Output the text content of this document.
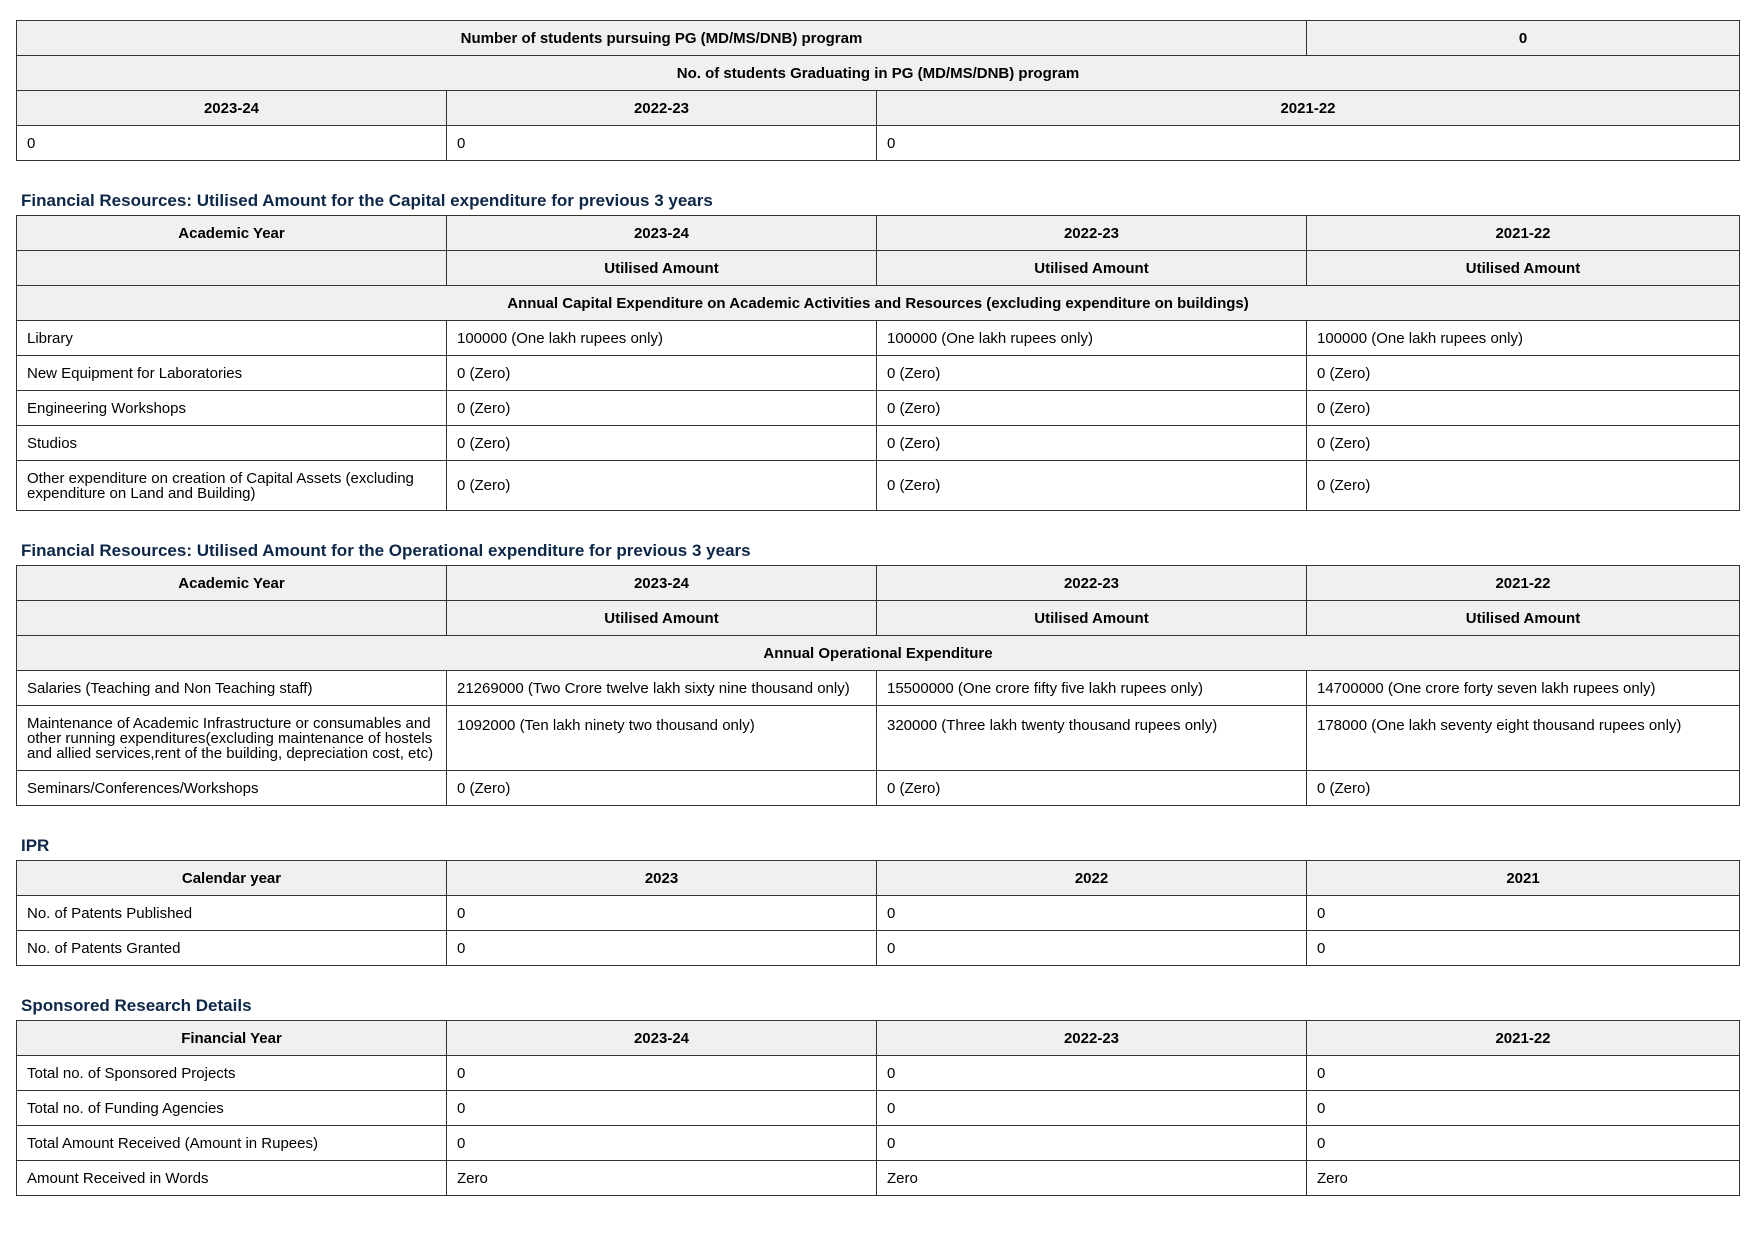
Number of students pursuing PG (MD/MS/DNB) program			0
No. of students Graduating in PG (MD/MS/DNB) program			
2023-24	2022-23	2021-22	
0	0	0	
Financial Resources: Utilised Amount for the Capital expenditure for previous 3 years
Academic Year	2023-24	2022-23	2021-22
	Utilised Amount	Utilised Amount	Utilised Amount
Annual Capital Expenditure on Academic Activities and Resources (excluding expenditure on buildings)			
Library	100000 (One lakh rupees only)	100000 (One lakh rupees only)	100000 (One lakh rupees only)
New Equipment for Laboratories	0 (Zero)	0 (Zero)	0 (Zero)
Engineering Workshops	0 (Zero)	0 (Zero)	0 (Zero)
Studios	0 (Zero)	0 (Zero)	0 (Zero)
Other expenditure on creation of Capital Assets (excluding expenditure on Land and Building)	0 (Zero)	0 (Zero)	0 (Zero)
Financial Resources: Utilised Amount for the Operational expenditure for previous 3 years
Academic Year	2023-24	2022-23	2021-22
	Utilised Amount	Utilised Amount	Utilised Amount
Annual Operational Expenditure			
Salaries (Teaching and Non Teaching staff)	21269000 (Two Crore twelve lakh sixty nine thousand only)	15500000 (One crore fifty five lakh rupees only)	14700000 (One crore forty seven lakh rupees only)
Maintenance of Academic Infrastructure or consumables and other running expenditures(excluding maintenance of hostels and allied services,rent of the building, depreciation cost, etc)	1092000 (Ten lakh ninety two thousand only)	320000 (Three lakh twenty thousand rupees only)	178000 (One lakh seventy eight thousand rupees only)
Seminars/Conferences/Workshops	0 (Zero)	0 (Zero)	0 (Zero)
IPR
Calendar year	2023	2022	2021
No. of Patents Published	0	0	0
No. of Patents Granted	0	0	0
Sponsored Research Details
Financial Year	2023-24	2022-23	2021-22
Total no. of Sponsored Projects	0	0	0
Total no. of Funding Agencies	0	0	0
Total Amount Received (Amount in Rupees)	0	0	0
Amount Received in Words	Zero	Zero	Zero
